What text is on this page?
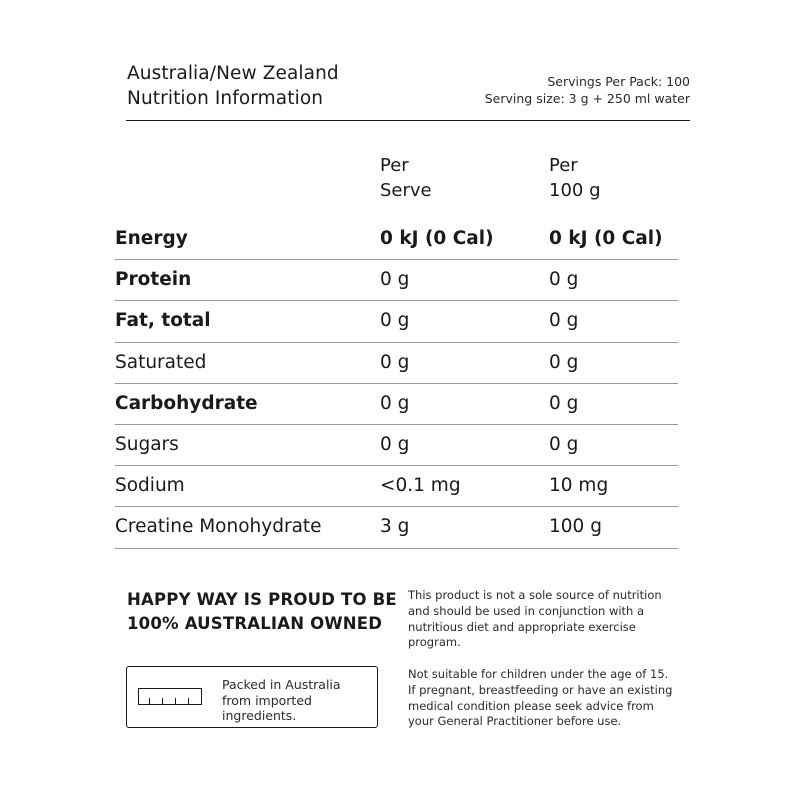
Australia/New Zealand
Nutrition Information
Servings Per Pack: 100
Serving size: 3 g + 250 ml water
Per
Serve
Per
100 g
Energy	0 kJ (0 Cal)	0 kJ (0 Cal)
Protein	0 g	0 g
Fat, total	0 g	0 g
Saturated	0 g	0 g
Carbohydrate	0 g	0 g
Sugars	0 g	0 g
Sodium	<0.1 mg	10 mg
Creatine Monohydrate	3 g	100 g
HAPPY WAY IS PROUD TO BE
100% AUSTRALIAN OWNED
Packed in Australia
from imported
ingredients.
This product is not a sole source of nutrition
and should be used in conjunction with a
nutritious diet and appropriate exercise
program.
Not suitable for children under the age of 15.
If pregnant, breastfeeding or have an existing
medical condition please seek advice from
your General Practitioner before use.
